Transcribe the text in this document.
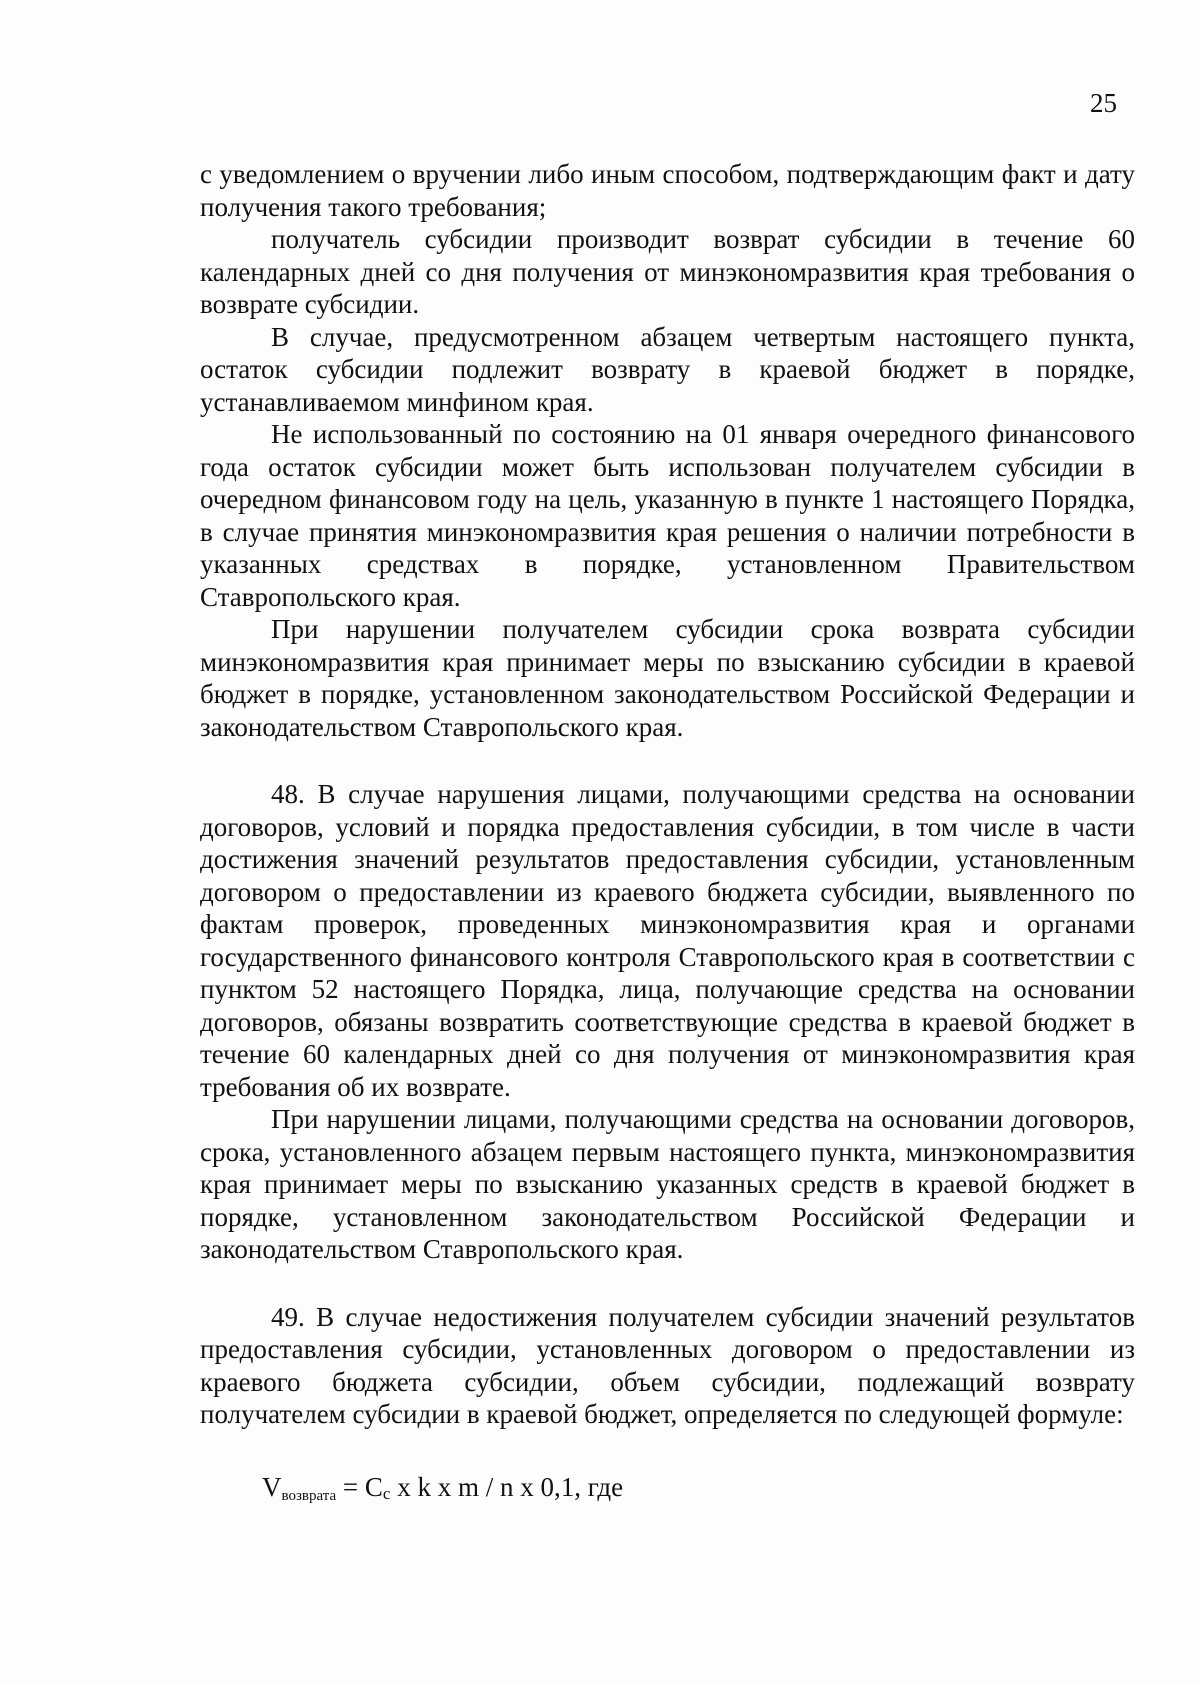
25

с уведомлением о вручении либо иным способом, подтверждающим факт и дату получения такого требования;

получатель субсидии производит возврат субсидии в течение 60 календарных дней со дня получения от минэкономразвития края требования о возврате субсидии.

В случае, предусмотренном абзацем четвертым настоящего пункта, остаток субсидии подлежит возврату в краевой бюджет в порядке, устанавливаемом минфином края.

Не использованный по состоянию на 01 января очередного финансового года остаток субсидии может быть использован получателем субсидии в очередном финансовом году на цель, указанную в пункте 1 настоящего Порядка, в случае принятия минэкономразвития края решения о наличии потребности в указанных средствах в порядке, установленном Правительством Ставропольского края.

При нарушении получателем субсидии срока возврата субсидии минэкономразвития края принимает меры по взысканию субсидии в краевой бюджет в порядке, установленном законодательством Российской Федерации и законодательством Ставропольского края.

48. В случае нарушения лицами, получающими средства на основании договоров, условий и порядка предоставления субсидии, в том числе в части достижения значений результатов предоставления субсидии, установленным договором о предоставлении из краевого бюджета субсидии, выявленного по фактам проверок, проведенных минэкономразвития края и органами государственного финансового контроля Ставропольского края в соответствии с пунктом 52 настоящего Порядка, лица, получающие средства на основании договоров, обязаны возвратить соответствующие средства в краевой бюджет в течение 60 календарных дней со дня получения от минэкономразвития края требования об их возврате.

При нарушении лицами, получающими средства на основании договоров, срока, установленного абзацем первым настоящего пункта, минэкономразвития края принимает меры по взысканию указанных средств в краевой бюджет в порядке, установленном законодательством Российской Федерации и законодательством Ставропольского края.

49. В случае недостижения получателем субсидии значений результатов предоставления субсидии, установленных договором о предоставлении из краевого бюджета субсидии, объем субсидии, подлежащий возврату получателем субсидии в краевой бюджет, определяется по следующей формуле:

$V_{возврата} = C_c$ x k x m / n x 0,1, где
